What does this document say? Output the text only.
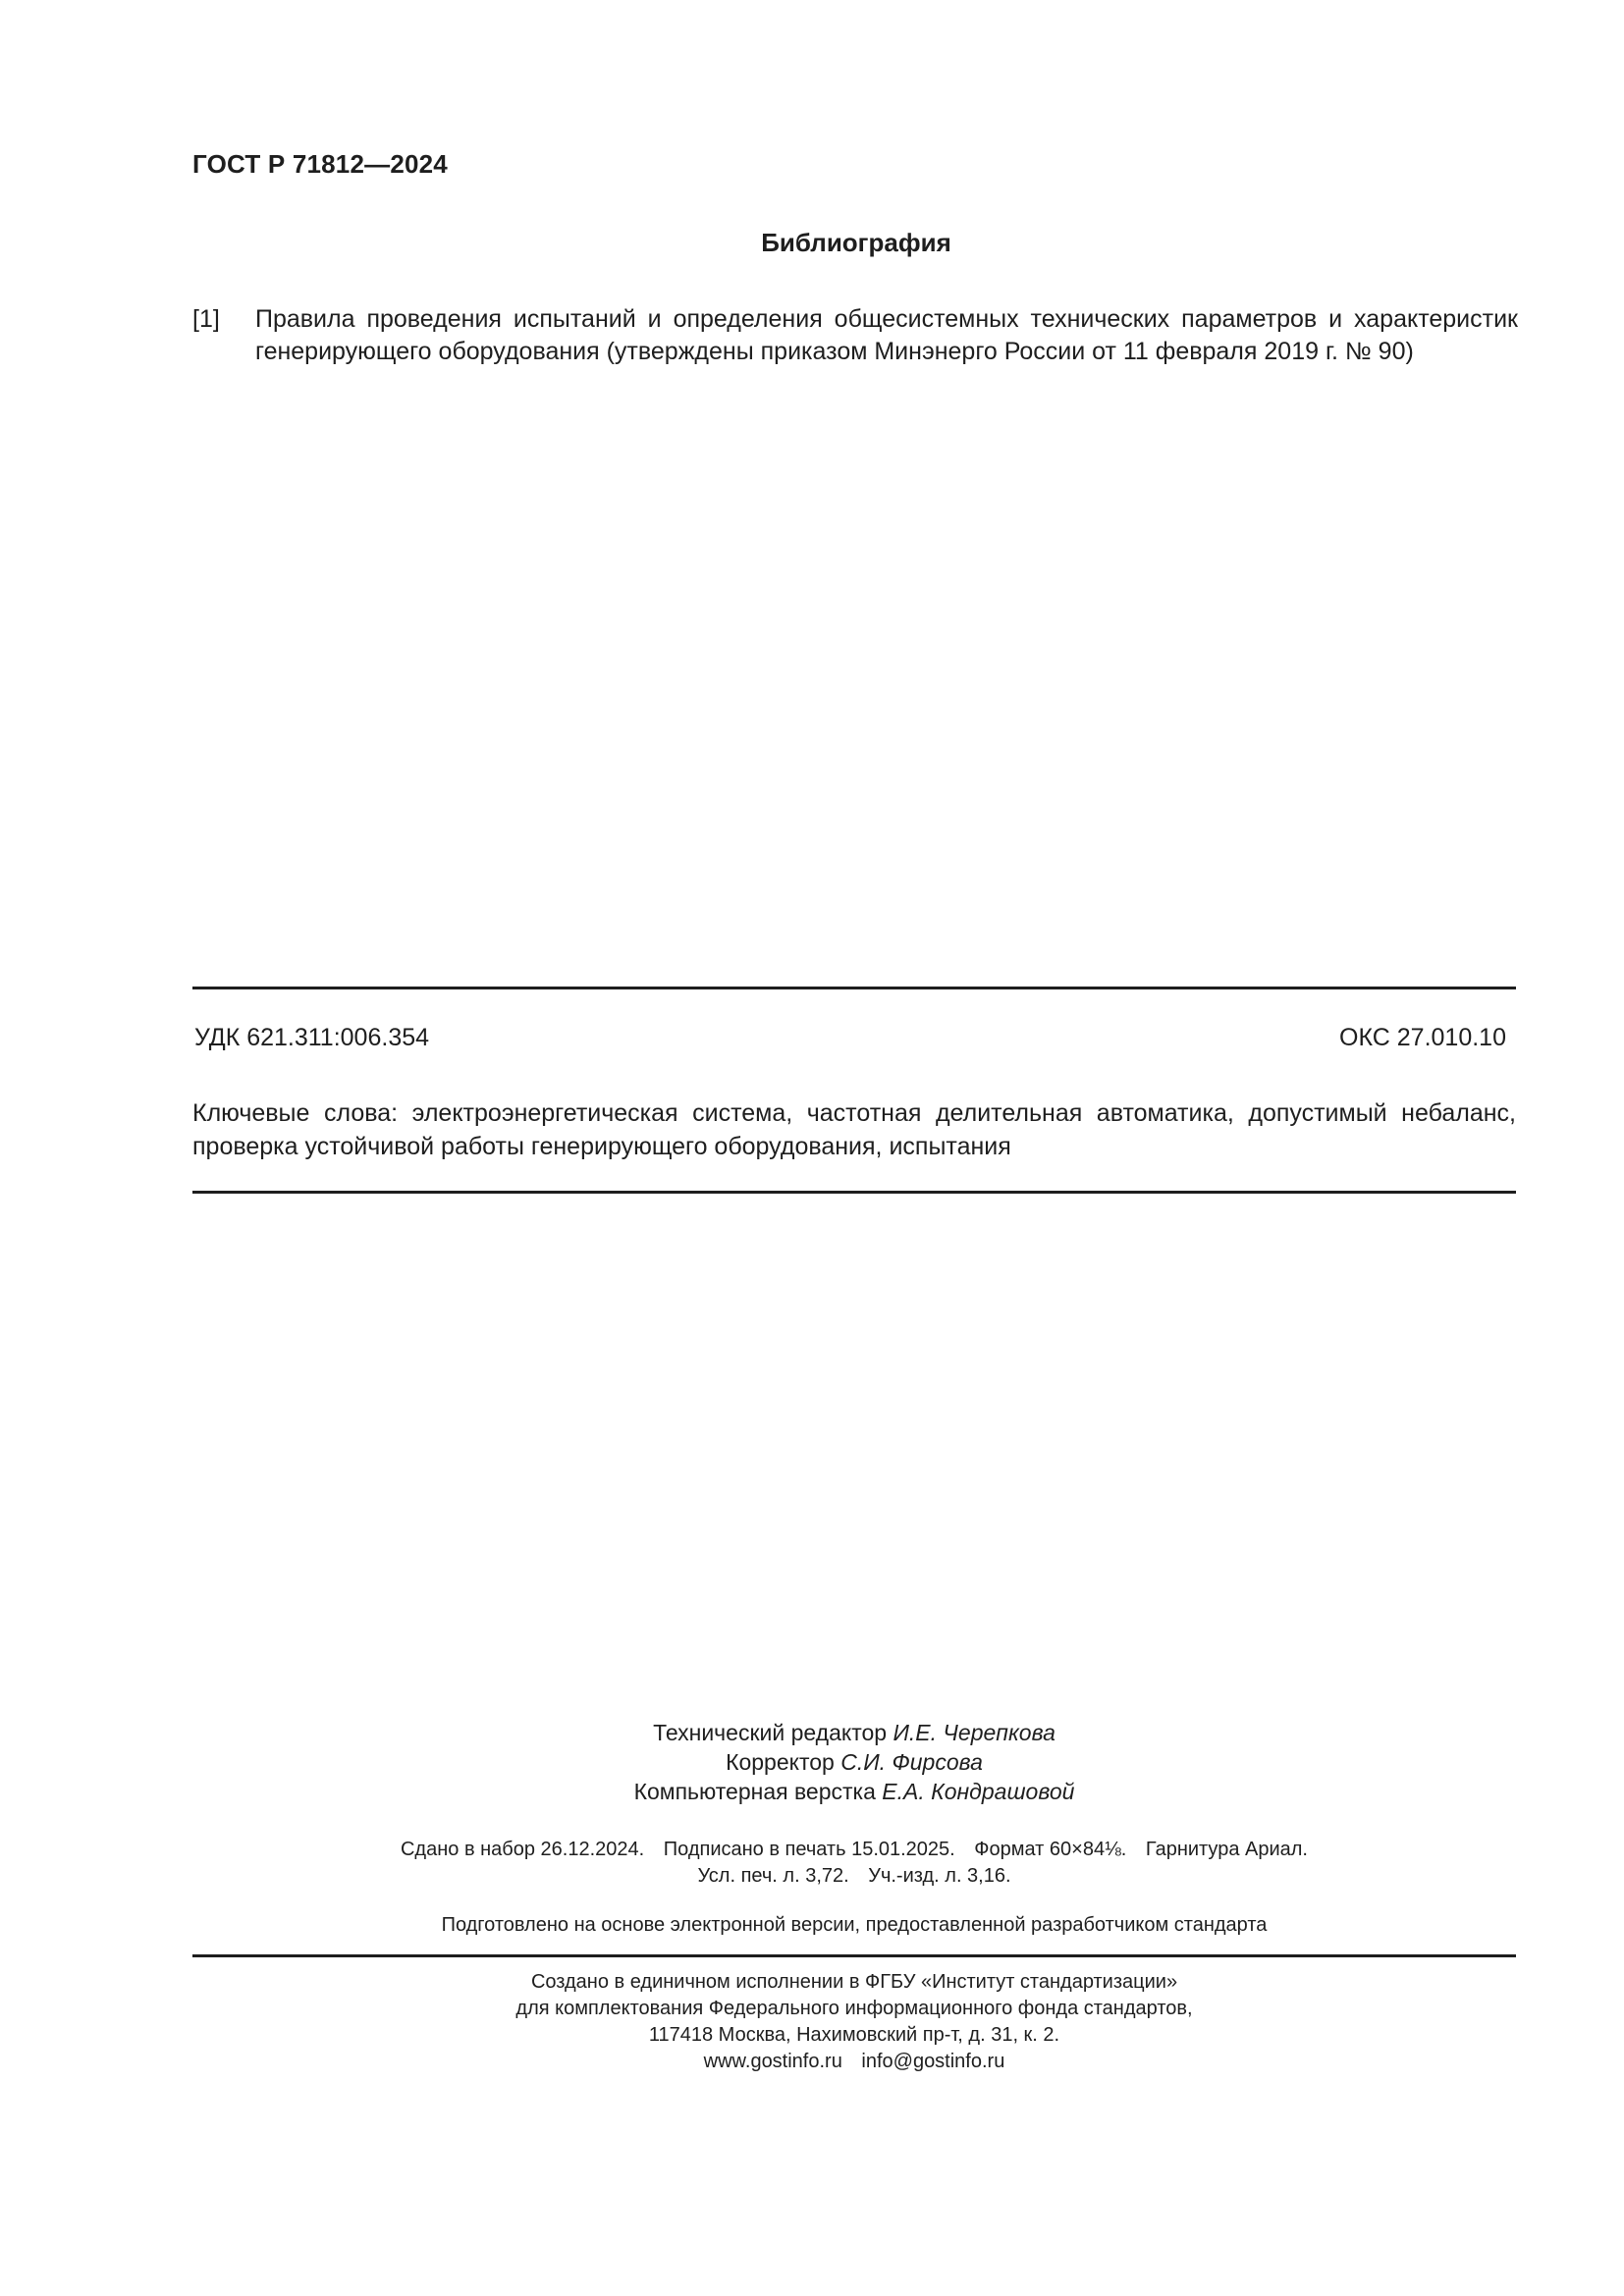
ГОСТ Р 71812—2024
Библиография
[1]	Правила проведения испытаний и определения общесистемных технических параметров и характеристик генерирующего оборудования (утверждены приказом Минэнерго России от 11 февраля 2019 г. № 90)
УДК 621.311:006.354	ОКС 27.010.10
Ключевые слова: электроэнергетическая система, частотная делительная автоматика, допустимый небаланс, проверка устойчивой работы генерирующего оборудования, испытания
Технический редактор И.Е. Черепкова
Корректор С.И. Фирсова
Компьютерная верстка Е.А. Кондрашовой
Сдано в набор 26.12.2024. Подписано в печать 15.01.2025. Формат 60×84⅛. Гарнитура Ариал.
Усл. печ. л. 3,72. Уч.-изд. л. 3,16.
Подготовлено на основе электронной версии, предоставленной разработчиком стандарта
Создано в единичном исполнении в ФГБУ «Институт стандартизации»
для комплектования Федерального информационного фонда стандартов,
117418 Москва, Нахимовский пр-т, д. 31, к. 2.
www.gostinfo.ru info@gostinfo.ru
